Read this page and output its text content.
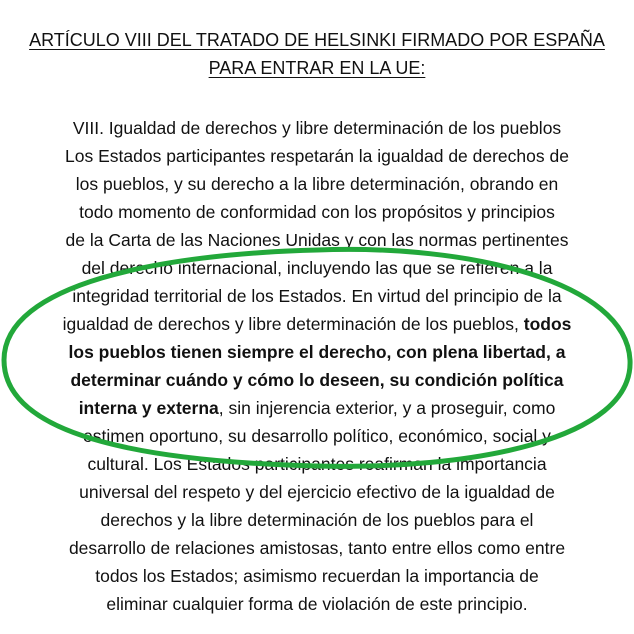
ARTÍCULO VIII DEL TRATADO DE HELSINKI FIRMADO POR ESPAÑA
PARA ENTRAR EN LA UE:
VIII. Igualdad de derechos y libre determinación de los pueblos
Los Estados participantes respetarán la igualdad de derechos de
los pueblos, y su derecho a la libre determinación, obrando en
todo momento de conformidad con los propósitos y principios
de la Carta de las Naciones Unidas y con las normas pertinentes
del derecho internacional, incluyendo las que se refieren a la
integridad territorial de los Estados. En virtud del principio de la
igualdad de derechos y libre determinación de los pueblos, todos
los pueblos tienen siempre el derecho, con plena libertad, a
determinar cuándo y cómo lo deseen, su condición política
interna y externa, sin injerencia exterior, y a proseguir, como
estimen oportuno, su desarrollo político, económico, social y
cultural. Los Estados participantes reafirman la importancia
universal del respeto y del ejercicio efectivo de la igualdad de
derechos y la libre determinación de los pueblos para el
desarrollo de relaciones amistosas, tanto entre ellos como entre
todos los Estados; asimismo recuerdan la importancia de
eliminar cualquier forma de violación de este principio.
